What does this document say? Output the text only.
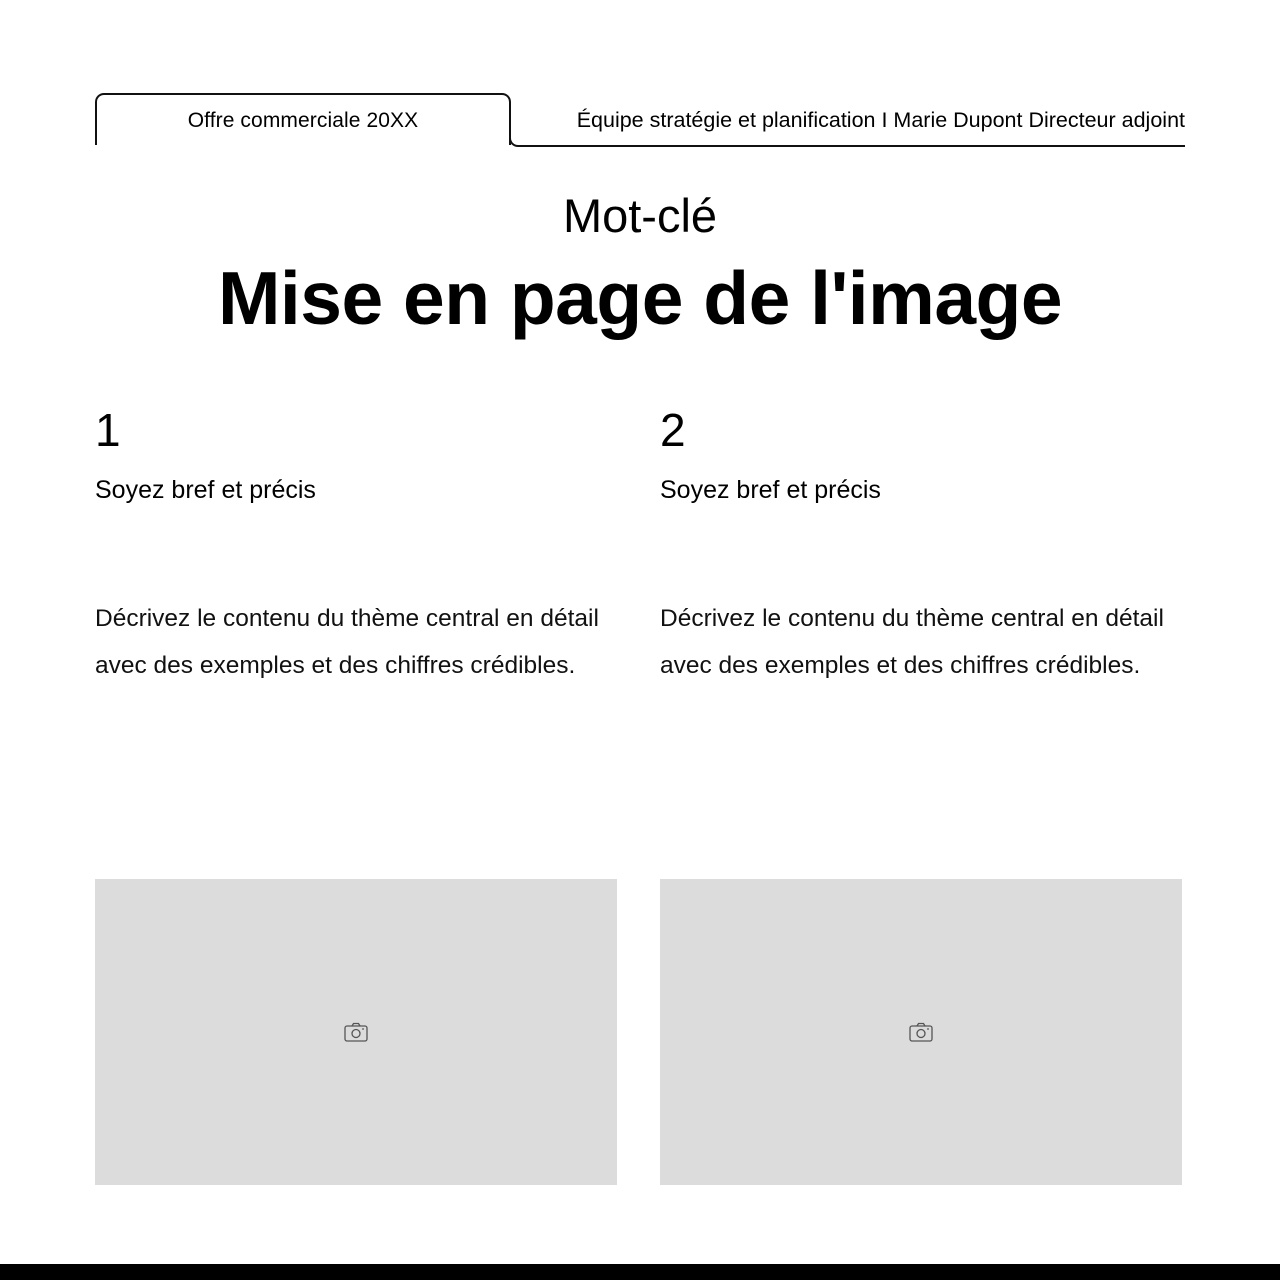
Offre commerciale 20XX	Équipe stratégie et planification I Marie Dupont Directeur adjoint
Mot-clé
Mise en page de l'image
1
Soyez bref et précis
Décrivez le contenu du thème central en détail avec des exemples et des chiffres crédibles.
2
Soyez bref et précis
Décrivez le contenu du thème central en détail avec des exemples et des chiffres crédibles.
